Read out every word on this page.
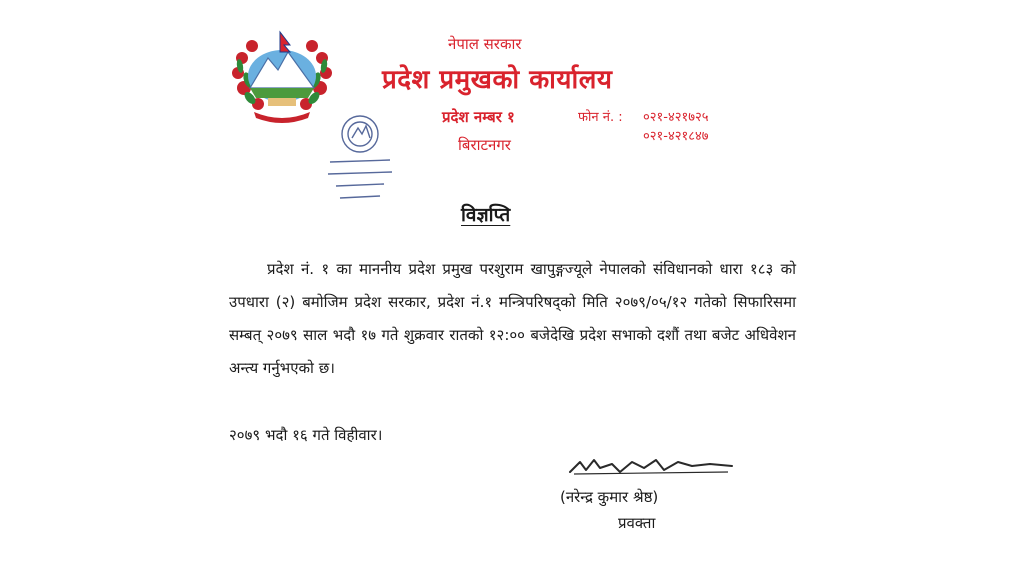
नेपाल सरकार
प्रदेश प्रमुखको कार्यालय
प्रदेश नम्बर १
बिराटनगर
फोन नं. : ०२१-४२१७२५
०२१-४२१८४७
विज्ञप्ति

प्रदेश नं. १ का माननीय प्रदेश प्रमुख परशुराम खापुङ्गज्यूले नेपालको संविधानको धारा १८३ को उपधारा (२) बमोजिम प्रदेश सरकार, प्रदेश नं.१ मन्त्रिपरिषद्को मिति २०७९/०५/१२ गतेको सिफारिसमा सम्बत् २०७९ साल भदौ १७ गते शुक्रवार रातको १२:०० बजेदेखि प्रदेश सभाको दशौं तथा बजेट अधिवेशन अन्त्य गर्नुभएको छ।

२०७९ भदौ १६ गते विहीवार।
(नरेन्द्र कुमार श्रेष्ठ)
प्रवक्ता
